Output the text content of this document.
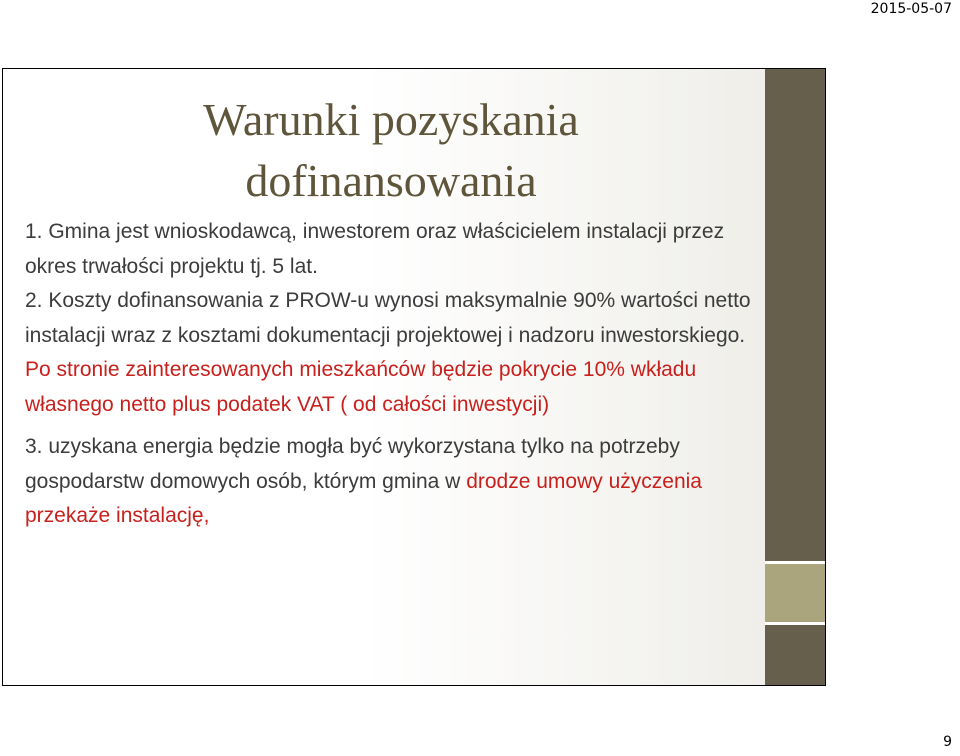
2015-05-07
Warunki pozyskania
dofinansowania

1. Gmina jest wnioskodawcą, inwestorem oraz właścicielem instalacji przez okres trwałości projektu tj. 5 lat.

2. Koszty dofinansowania z PROW-u wynosi maksymalnie 90% wartości netto instalacji wraz z kosztami dokumentacji projektowej i nadzoru inwestorskiego. Po stronie zainteresowanych mieszkańców będzie pokrycie 10% wkładu własnego netto plus podatek VAT ( od całości inwestycji)

3. uzyskana energia będzie mogła być wykorzystana tylko na potrzeby gospodarstw domowych osób, którym gmina w drodze umowy użyczenia przekaże instalację,

9
